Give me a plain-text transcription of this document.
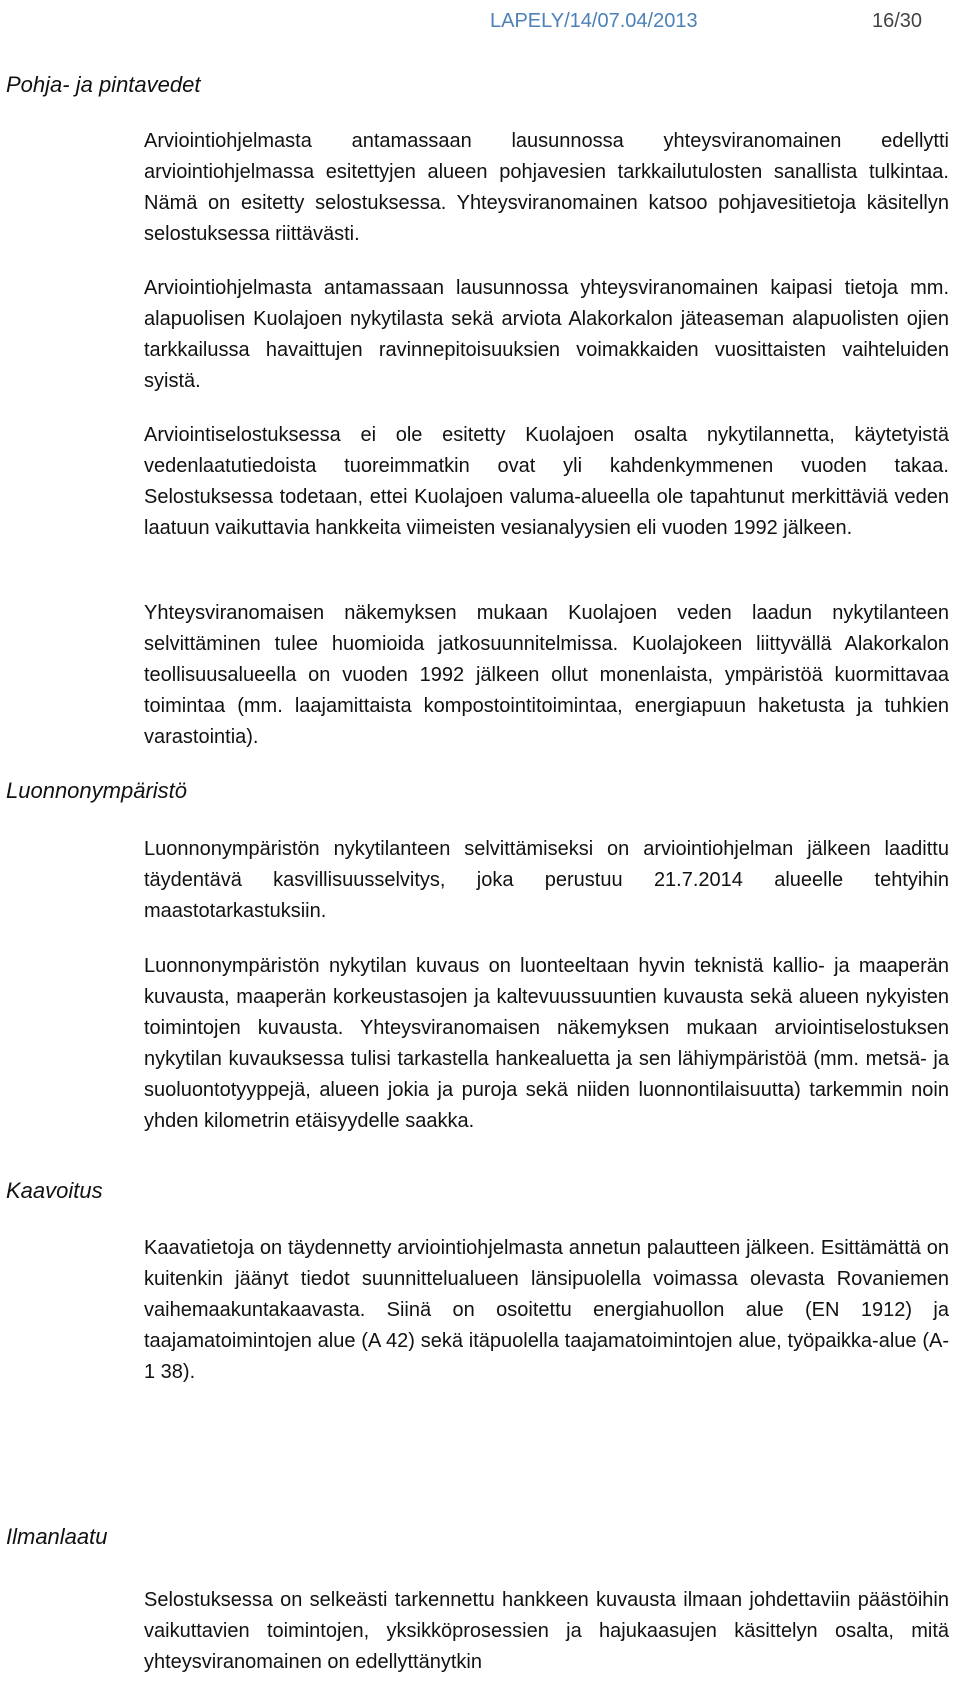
LAPELY/14/07.04/2013	16/30
Pohja- ja pintavedet

Arviointiohjelmasta antamassaan lausunnossa yhteysviranomainen edellytti arviointiohjelmassa esitettyjen alueen pohjavesien tarkkailutulosten sanallista tulkintaa. Nämä on esitetty selostuksessa. Yhteysviranomainen katsoo pohjavesitietoja käsitellyn selostuksessa riittävästi.

Arviointiohjelmasta antamassaan lausunnossa yhteysviranomainen kaipasi tietoja mm. alapuolisen Kuolajoen nykytilasta sekä arviota Alakorkalon jäteaseman alapuolisten ojien tarkkailussa havaittujen ravinnepitoisuuksien voimakkaiden vuosittaisten vaihteluiden syistä.

Arviointiselostuksessa ei ole esitetty Kuolajoen osalta nykytilannetta, käytetyistä vedenlaatutiedoista tuoreimmatkin ovat yli kahdenkymmenen vuoden takaa. Selostuksessa todetaan, ettei Kuolajoen valuma-alueella ole tapahtunut merkittäviä veden laatuun vaikuttavia hankkeita viimeisten vesianalyysien eli vuoden 1992 jälkeen.

Yhteysviranomaisen näkemyksen mukaan Kuolajoen veden laadun nykytilanteen selvittäminen tulee huomioida jatkosuunnitelmissa. Kuolajokeen liittyvällä Alakorkalon teollisuusalueella on vuoden 1992 jälkeen ollut monenlaista, ympäristöä kuormittavaa toimintaa (mm. laajamittaista kompostointitoimintaa, energiapuun haketusta ja tuhkien varastointia).

Luonnonympäristö

Luonnonympäristön nykytilanteen selvittämiseksi on arviointiohjelman jälkeen laadittu täydentävä kasvillisuusselvitys, joka perustuu 21.7.2014 alueelle tehtyihin maastotarkastuksiin.

Luonnonympäristön nykytilan kuvaus on luonteeltaan hyvin teknistä kallio- ja maaperän kuvausta, maaperän korkeustasojen ja kaltevuussuuntien kuvausta sekä alueen nykyisten toimintojen kuvausta. Yhteysviranomaisen näkemyksen mukaan arviointiselostuksen nykytilan kuvauksessa tulisi tarkastella hankealuetta ja sen lähiympäristöä (mm. metsä- ja suoluontotyyppejä, alueen jokia ja puroja sekä niiden luonnontilaisuutta) tarkemmin noin yhden kilometrin etäisyydelle saakka.

Kaavoitus

Kaavatietoja on täydennetty arviointiohjelmasta annetun palautteen jälkeen. Esittämättä on kuitenkin jäänyt tiedot suunnittelualueen länsipuolella voimassa olevasta Rovaniemen vaihemaakuntakaavasta. Siinä on osoitettu energiahuollon alue (EN 1912) ja taajamatoimintojen alue (A 42) sekä itäpuolella taajamatoimintojen alue, työpaikka-alue (A-1 38).

Ilmanlaatu

Selostuksessa on selkeästi tarkennettu hankkeen kuvausta ilmaan johdettaviin päästöihin vaikuttavien toimintojen, yksikköprosessien ja hajukaasujen käsittelyn osalta, mitä yhteysviranomainen on edellyttänytkin
